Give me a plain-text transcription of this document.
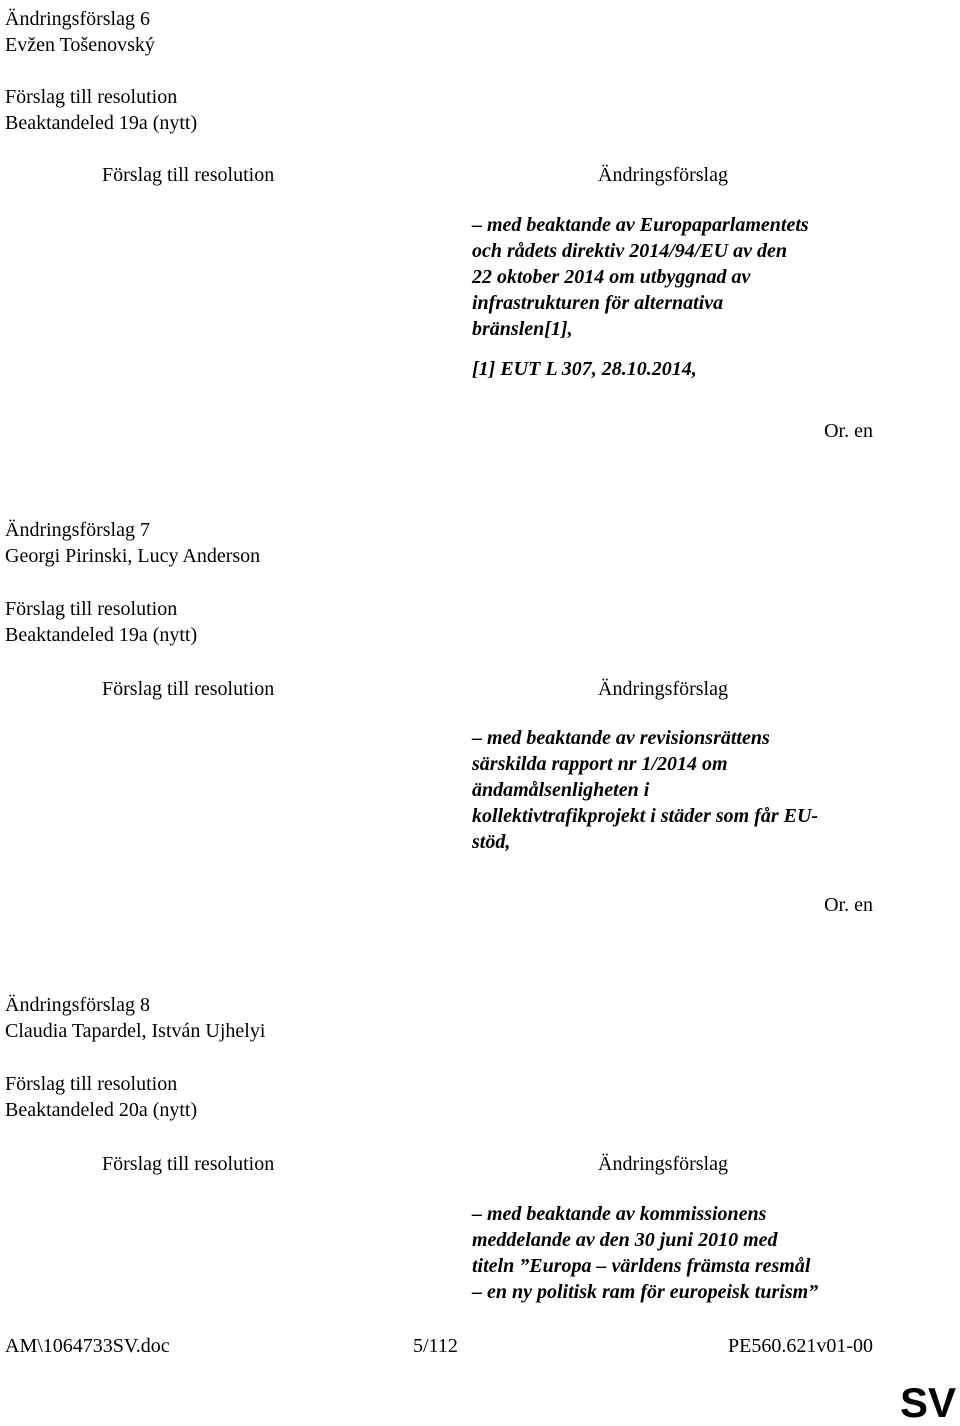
Ändringsförslag 6
Evžen Tošenovský
Förslag till resolution
Beaktandeled 19a (nytt)
Förslag till resolution	Ändringsförslag

– med beaktande av Europaparlamentets

och rådets direktiv 2014/94/EU av den

22 oktober 2014 om utbyggnad av

infrastrukturen för alternativa

bränslen[1],

[1] EUT L 307, 28.10.2014,
Or. en
Ändringsförslag 7
Georgi Pirinski, Lucy Anderson
Förslag till resolution
Beaktandeled 19a (nytt)
Förslag till resolution	Ändringsförslag

– med beaktande av revisionsrättens

särskilda rapport nr 1/2014 om

ändamålsenligheten i

kollektivtrafikprojekt i städer som får EU-

stöd,

Or. en
Ändringsförslag 8
Claudia Tapardel, István Ujhelyi
Förslag till resolution
Beaktandeled 20a (nytt)
Förslag till resolution	Ändringsförslag

– med beaktande av kommissionens

meddelande av den 30 juni 2010 med

titeln ”Europa – världens främsta resmål

– en ny politisk ram för europeisk turism”

AM\1064733SV.doc	5/112	PE560.621v01-00
SV
